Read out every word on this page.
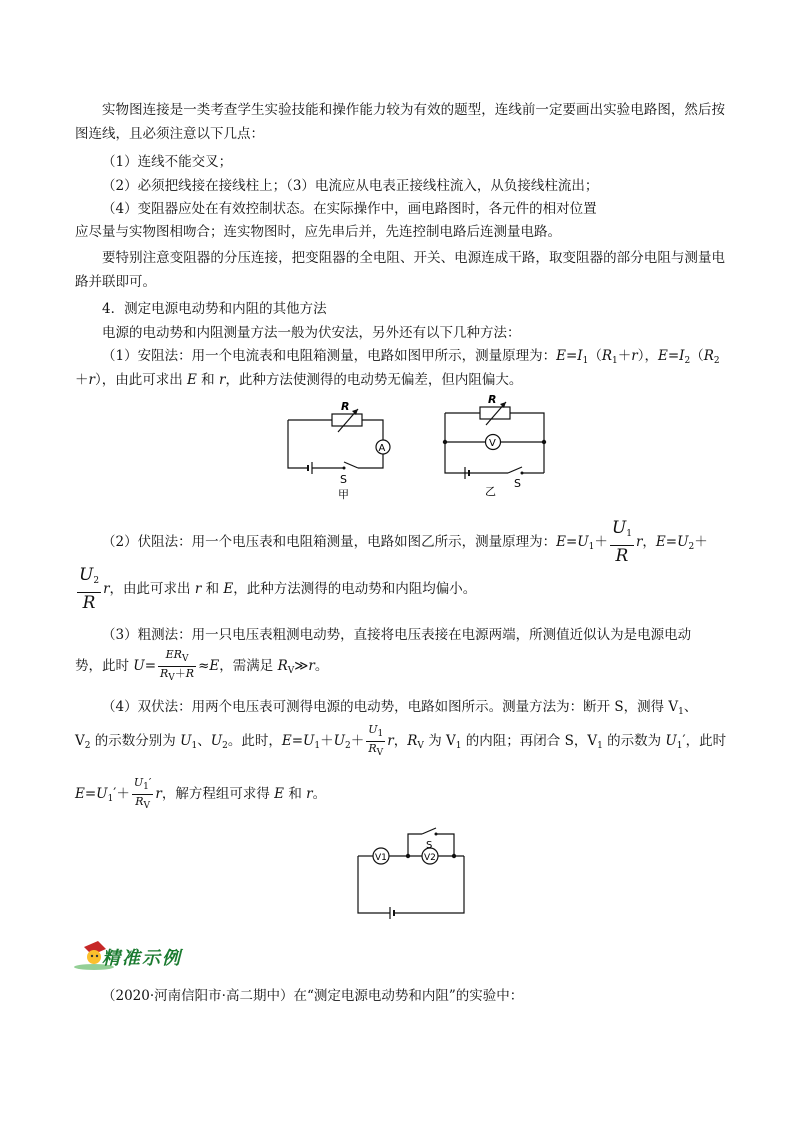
实物图连接是一类考查学生实验技能和操作能力较为有效的题型，连线前一定要画出实验电路图，然后按图连线，且必须注意以下几点：
（1）连线不能交叉；
（2）必须把线接在接线柱上；（3）电流应从电表正接线柱流入，从负接线柱流出；
（4）变阻器应处在有效控制状态。在实际操作中，画电路图时，各元件的相对位置
应尽量与实物图相吻合；连实物图时，应先串后并，先连控制电路后连测量电路。
要特别注意变阻器的分压连接，把变阻器的全电阻、开关、电源连成干路，取变阻器的部分电阻与测量电路并联即可。
4．测定电源电动势和内阻的其他方法
电源的电动势和内阻测量方法一般为伏安法，另外还有以下几种方法：
（1）安阻法：用一个电流表和电阻箱测量，电路如图甲所示，测量原理为：$E=I_1(R_1+r)$，$E=I_2(R_2$
＋r），由此可求出 E 和 r，此种方法使测得的电动势无偏差，但内阻偏大。
R
A
S
甲
R
V
S
乙
（2）伏阻法：用一个电压表和电阻箱测量，电路如图乙所示，测量原理为：$E=U_1+ \frac{U_1}{R}$ r，$E=U_2+$
$\frac{U_2}{R}$ r，由此可求出 r 和 E，此种方法测得的电动势和内阻均偏小。
（3）粗测法：用一只电压表粗测电动势，直接将电压表接在电源两端，所测值近似认为是电源电动
势，此时 $U= \frac{ER_V}{R_V+R} \approx E$，需满足 $R_V≫r$。
（4）双伏法：用两个电压表可测得电源的电动势，电路如图所示。测量方法为：断开 S，测得 $V_1$、
$V_2$ 的示数分别为 $U_1$、$U_2$。此时，$E=U_1+U_2+ \frac{U_1}{R_V}$ r，$R_V$ 为 $V_1$ 的内阻；再闭合 S，$V_1$ 的示数为 $U_1'$，此时
$E=U_1'+ \frac{U_1'}{R_V}$ r，解方程组可求得 E 和 r。
V1	V2
S
精准示例
（2020·河南信阳市·高二期中）在“测定电源电动势和内阻”的实验中：
